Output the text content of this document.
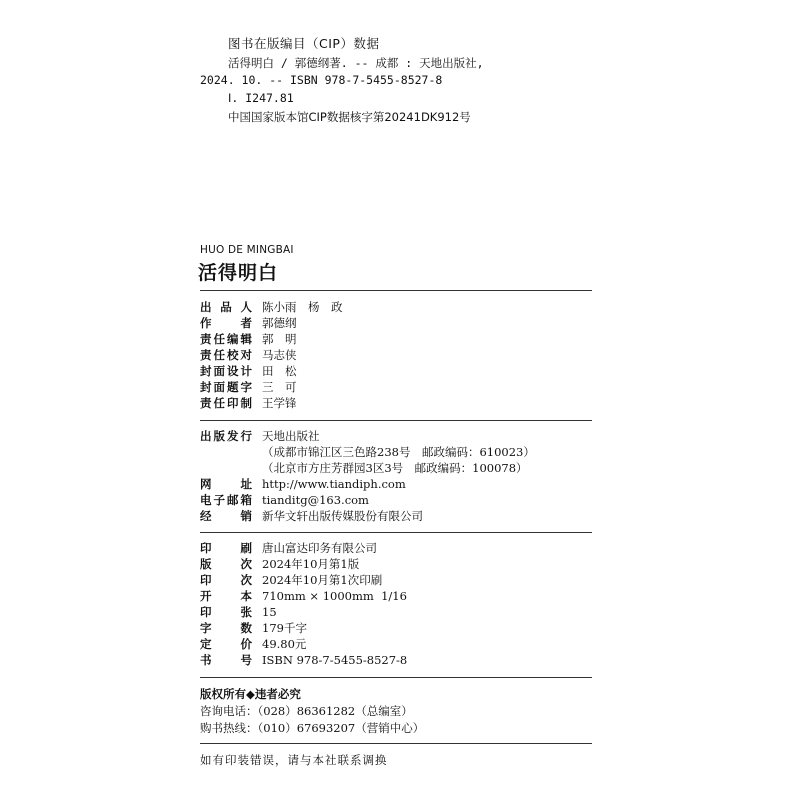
图书在版编目（CIP）数据
活得明白 / 郭德纲著. -- 成都 : 天地出版社,
2024. 10. -- ISBN 978-7-5455-8527-8
Ⅰ. I247.81
中国国家版本馆CIP数据核字第20241DK912号
HUO DE MINGBAI
活得明白
出品人 陈小雨　杨　政
作者 郭德纲
责任编辑 郭　明
责任校对 马志侠
封面设计 田　松
封面题字 三　可
责任印制 王学锋
出版发行 天地出版社
（成都市锦江区三色路238号　邮政编码：610023）
（北京市方庄芳群园3区3号　邮政编码：100078）
网址 http://www.tiandiph.com
电子邮箱 tianditg@163.com
经销 新华文轩出版传媒股份有限公司
印刷 唐山富达印务有限公司
版次 2024年10月第1版
印次 2024年10月第1次印刷
开本 710mm × 1000mm  1/16
印张 15
字数 179千字
定价 49.80元
书号 ISBN 978-7-5455-8527-8
版权所有◆违者必究
咨询电话：（028）86361282（总编室）
购书热线：（010）67693207（营销中心）
如有印装错误，请与本社联系调换
